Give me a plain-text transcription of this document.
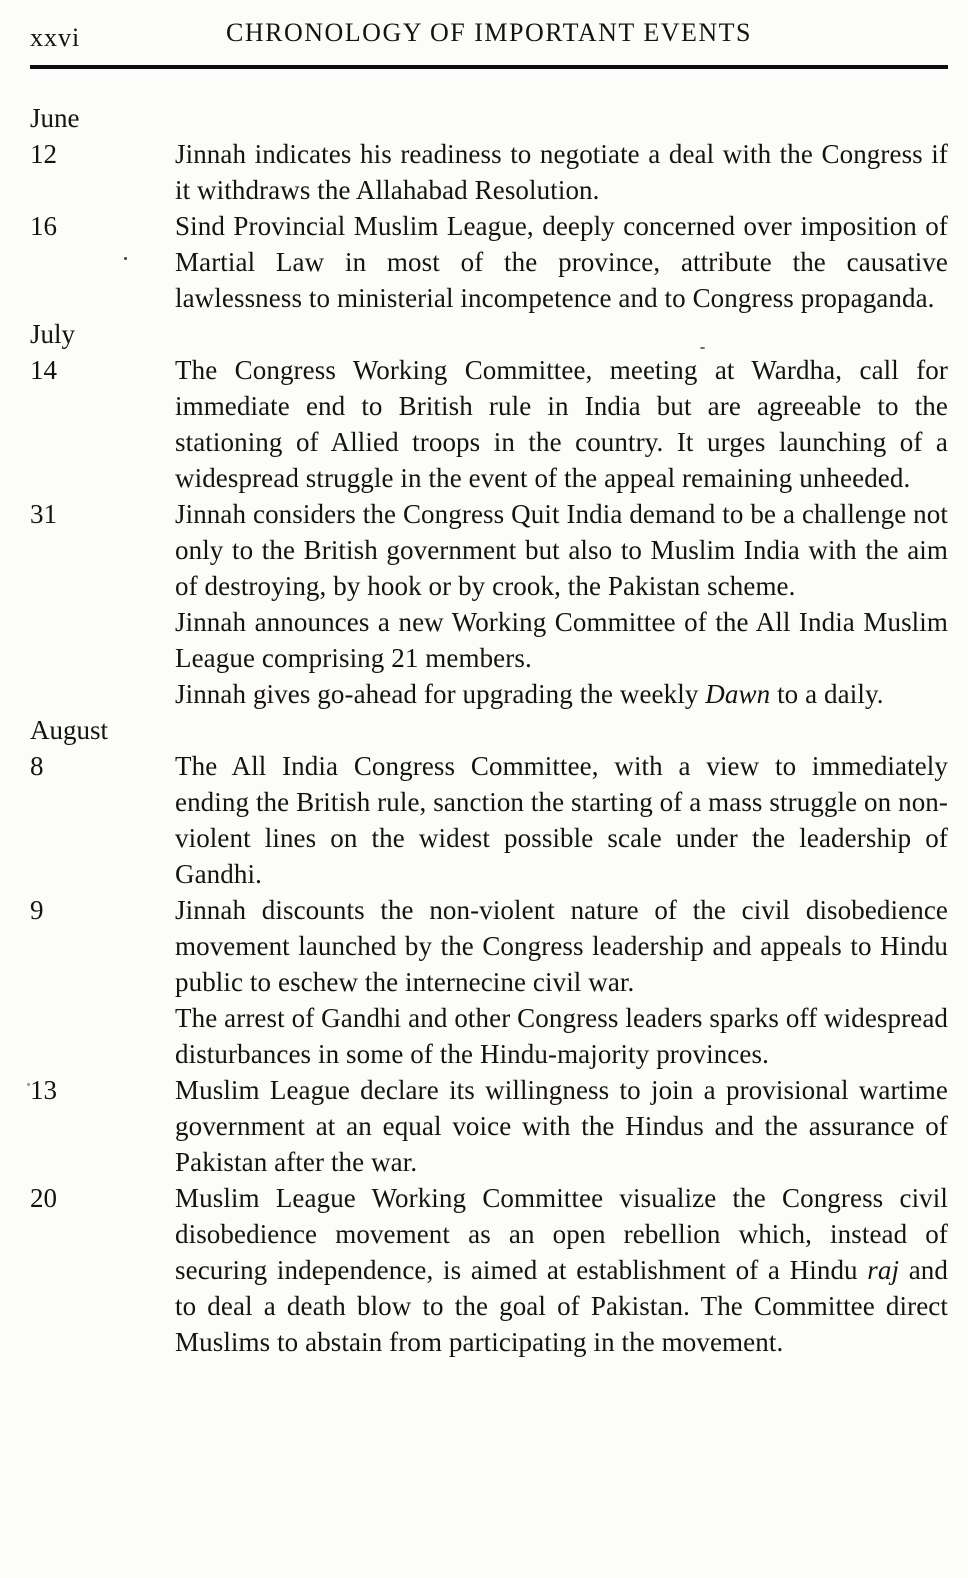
xxvi	CHRONOLOGY OF IMPORTANT EVENTS
June
12	Jinnah indicates his readiness to negotiate a deal with the Congress if it withdraws the Allahabad Resolution.

16	Sind Provincial Muslim League, deeply concerned over imposition of Martial Law in most of the province, attribute the causative lawlessness to ministerial incompetence and to Congress propaganda.

July
14	The Congress Working Committee, meeting at Wardha, call for immediate end to British rule in India but are agreeable to the stationing of Allied troops in the country. It urges launching of a widespread struggle in the event of the appeal remaining unheeded.

31	Jinnah considers the Congress Quit India demand to be a challenge not only to the British government but also to Muslim India with the aim of destroying, by hook or by crook, the Pakistan scheme.

Jinnah announces a new Working Committee of the All India Muslim League comprising 21 members.

Jinnah gives go-ahead for upgrading the weekly Dawn to a daily.

August
8	The All India Congress Committee, with a view to immediately ending the British rule, sanction the starting of a mass struggle on non-violent lines on the widest possible scale under the leadership of Gandhi.

9	Jinnah discounts the non-violent nature of the civil disobedience movement launched by the Congress leadership and appeals to Hindu public to eschew the internecine civil war.

The arrest of Gandhi and other Congress leaders sparks off widespread disturbances in some of the Hindu-majority provinces.

13	Muslim League declare its willingness to join a provisional wartime government at an equal voice with the Hindus and the assurance of Pakistan after the war.

20	Muslim League Working Committee visualize the Congress civil disobedience movement as an open rebellion which, instead of securing independence, is aimed at establishment of a Hindu raj and to deal a death blow to the goal of Pakistan. The Committee direct Muslims to abstain from participating in the movement.
